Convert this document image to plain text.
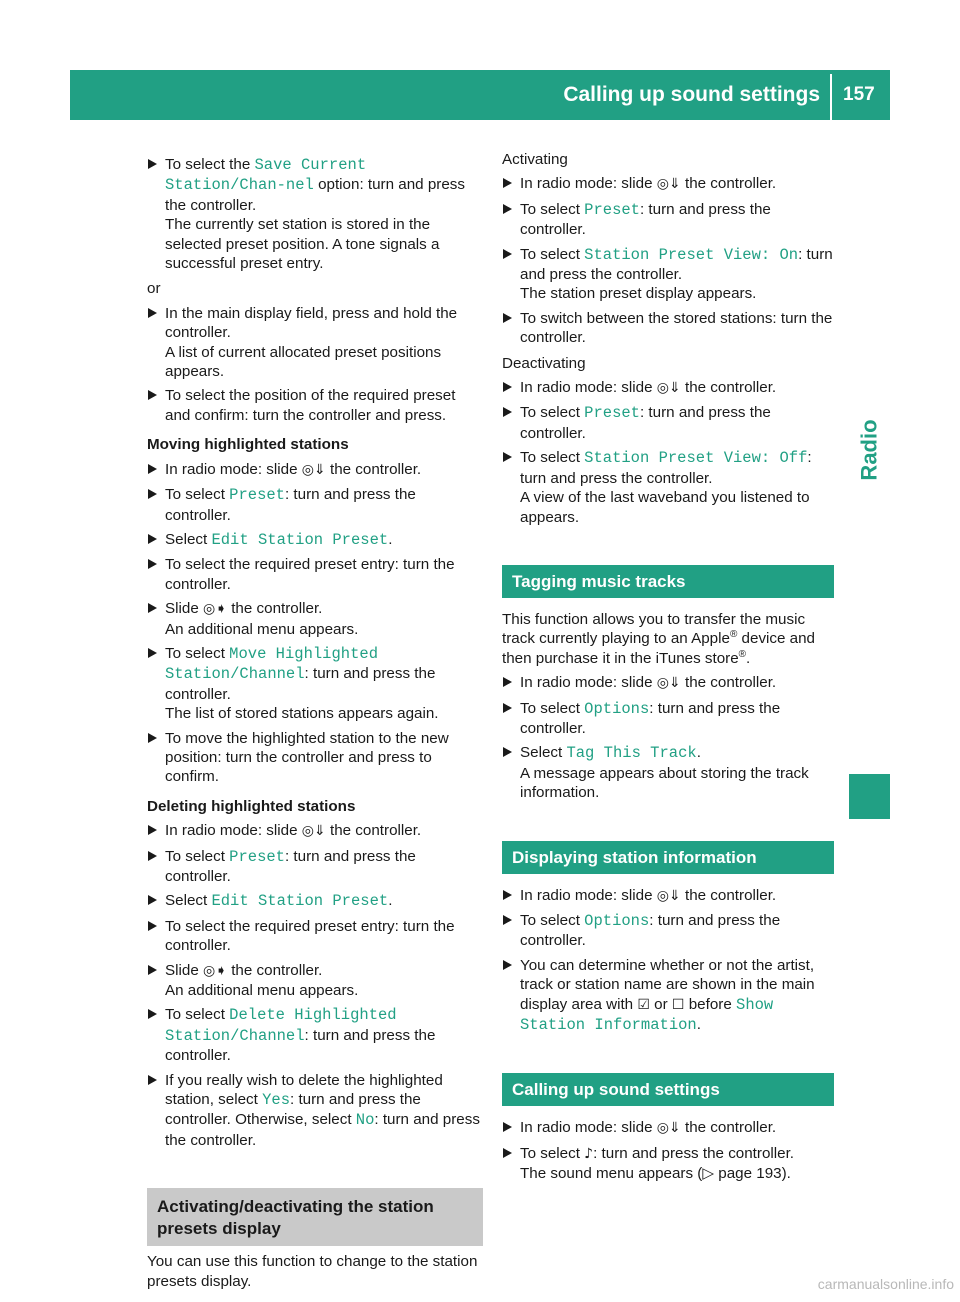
Calling up sound settings 157
Radio

To select the Save Current Station/Chan‐nel option: turn and press the controller.
The currently set station is stored in the selected preset position. A tone signals a successful preset entry.

or

In the main display field, press and hold the controller.
A list of current allocated preset positions appears.

To select the position of the required preset and confirm: turn the controller and press.

Moving highlighted stations

In radio mode: slide ◎⇓ the controller.

To select Preset: turn and press the controller.

Select Edit Station Preset.

To select the required preset entry: turn the controller.

Slide ◎➧ the controller.
An additional menu appears.

To select Move Highlighted Station/Channel: turn and press the controller.
The list of stored stations appears again.

To move the highlighted station to the new position: turn the controller and press to confirm.

Deleting highlighted stations

In radio mode: slide ◎⇓ the controller.

To select Preset: turn and press the controller.

Select Edit Station Preset.

To select the required preset entry: turn the controller.

Slide ◎➧ the controller.
An additional menu appears.

To select Delete Highlighted Station/Channel: turn and press the controller.

If you really wish to delete the highlighted station, select Yes: turn and press the controller. Otherwise, select No: turn and press the controller.

Activating/deactivating the station presets display

You can use this function to change to the station presets display.

Activating

In radio mode: slide ◎⇓ the controller.

To select Preset: turn and press the controller.

To select Station Preset View: On: turn and press the controller.
The station preset display appears.

To switch between the stored stations: turn the controller.

Deactivating

In radio mode: slide ◎⇓ the controller.

To select Preset: turn and press the controller.

To select Station Preset View: Off: turn and press the controller.
A view of the last waveband you listened to appears.

Tagging music tracks

This function allows you to transfer the music track currently playing to an Apple® device and then purchase it in the iTunes store®.

In radio mode: slide ◎⇓ the controller.

To select Options: turn and press the controller.

Select Tag This Track.
A message appears about storing the track information.

Displaying station information

In radio mode: slide ◎⇓ the controller.

To select Options: turn and press the controller.

You can determine whether or not the artist, track or station name are shown in the main display area with ☑ or ☐ before Show Station Information.

Calling up sound settings

In radio mode: slide ◎⇓ the controller.

To select ♪: turn and press the controller.
The sound menu appears (▷ page 193).

carmanualsonline.info
